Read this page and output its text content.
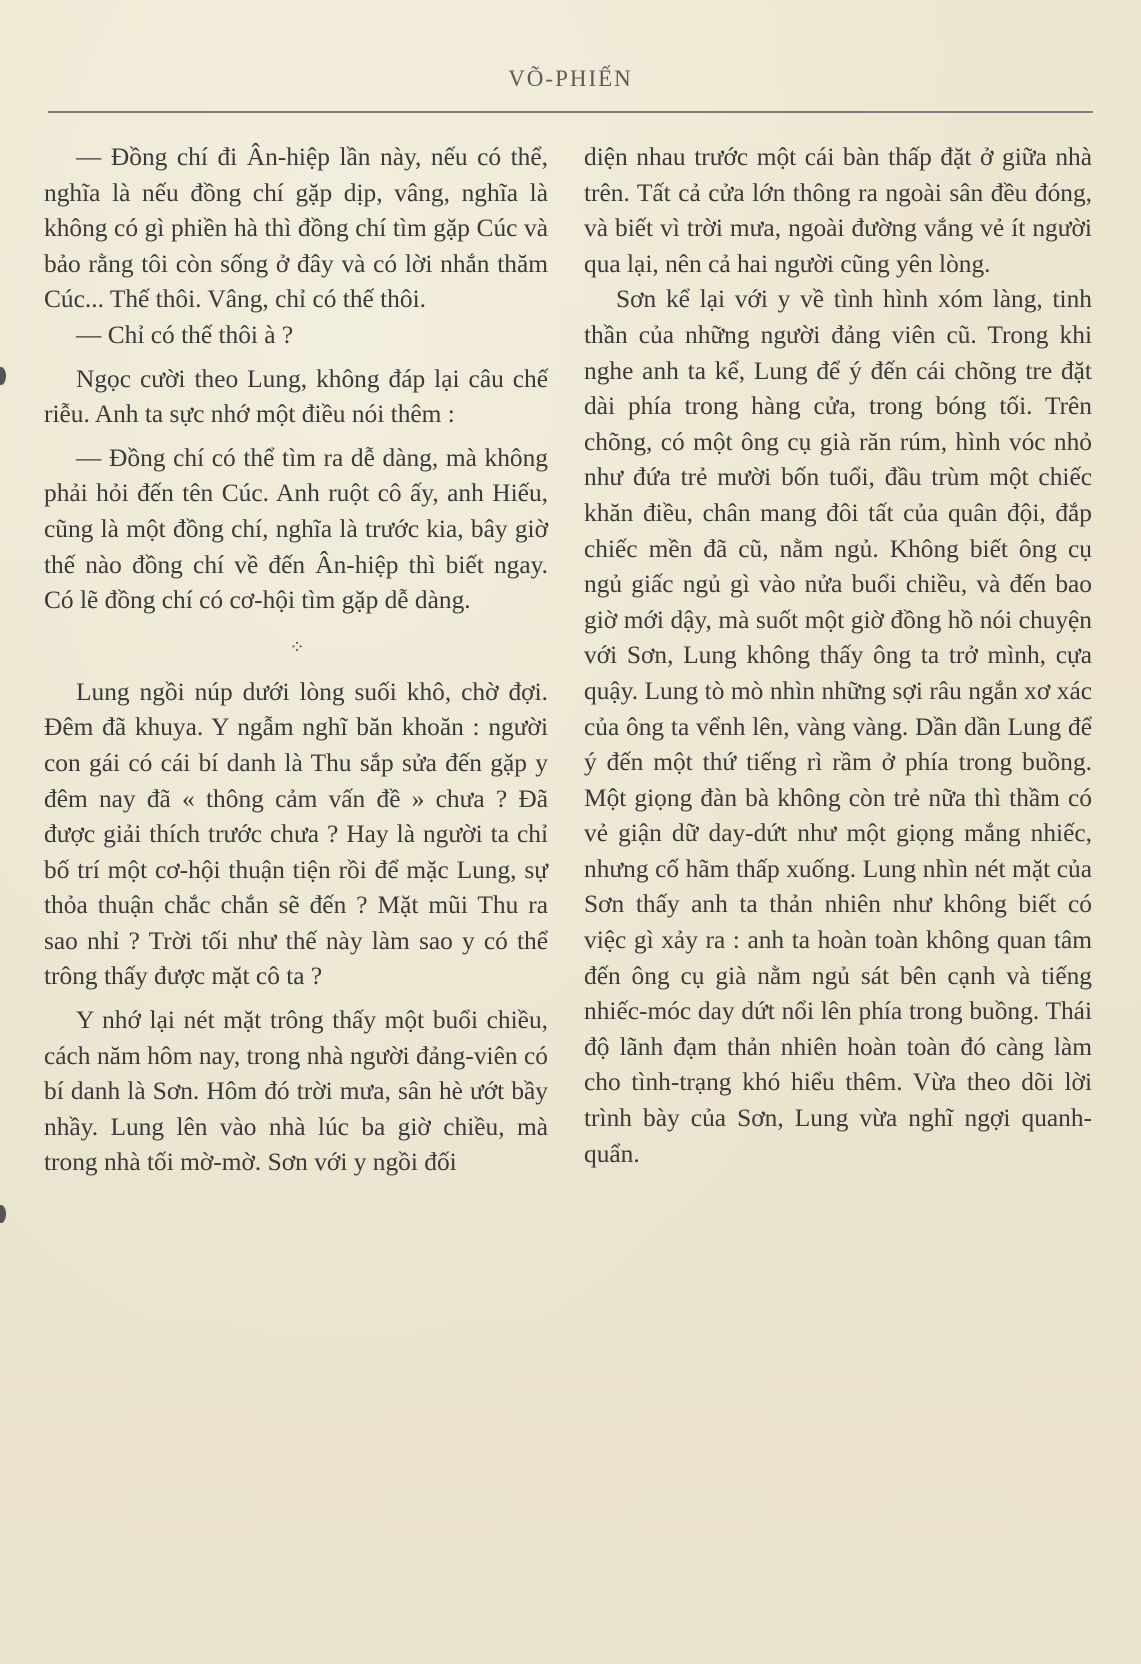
VÕ-PHIẾN

— Đồng chí đi Ân-hiệp lần này, nếu có thể, nghĩa là nếu đồng chí gặp dịp, vâng, nghĩa là không có gì phiền hà thì đồng chí tìm gặp Cúc và bảo rằng tôi còn sống ở đây và có lời nhắn thăm Cúc... Thế thôi. Vâng, chỉ có thế thôi.

— Chỉ có thế thôi à ?

Ngọc cười theo Lung, không đáp lại câu chế riễu. Anh ta sực nhớ một điều nói thêm :

— Đồng chí có thể tìm ra dễ dàng, mà không phải hỏi đến tên Cúc. Anh ruột cô ấy, anh Hiếu, cũng là một đồng chí, nghĩa là trước kia, bây giờ thế nào đồng chí về đến Ân-hiệp thì biết ngay. Có lẽ đồng chí có cơ-hội tìm gặp dễ dàng.

⁘

Lung ngồi núp dưới lòng suối khô, chờ đợi. Đêm đã khuya. Y ngẫm nghĩ băn khoăn : người con gái có cái bí danh là Thu sắp sửa đến gặp y đêm nay đã « thông cảm vấn đề » chưa ? Đã được giải thích trước chưa ? Hay là người ta chỉ bố trí một cơ-hội thuận tiện rồi để mặc Lung, sự thỏa thuận chắc chắn sẽ đến ? Mặt mũi Thu ra sao nhỉ ? Trời tối như thế này làm sao y có thể trông thấy được mặt cô ta ?

Y nhớ lại nét mặt trông thấy một buổi chiều, cách năm hôm nay, trong nhà người đảng-viên có bí danh là Sơn. Hôm đó trời mưa, sân hè ướt bầy nhầy. Lung lên vào nhà lúc ba giờ chiều, mà trong nhà tối mờ-mờ. Sơn với y ngồi đối

diện nhau trước một cái bàn thấp đặt ở giữa nhà trên. Tất cả cửa lớn thông ra ngoài sân đều đóng, và biết vì trời mưa, ngoài đường vắng vẻ ít người qua lại, nên cả hai người cũng yên lòng.

Sơn kể lại với y về tình hình xóm làng, tinh thần của những người đảng viên cũ. Trong khi nghe anh ta kể, Lung để ý đến cái chõng tre đặt dài phía trong hàng cửa, trong bóng tối. Trên chõng, có một ông cụ già răn rúm, hình vóc nhỏ như đứa trẻ mười bốn tuổi, đầu trùm một chiếc khăn điều, chân mang đôi tất của quân đội, đắp chiếc mền đã cũ, nằm ngủ. Không biết ông cụ ngủ giấc ngủ gì vào nửa buổi chiều, và đến bao giờ mới dậy, mà suốt một giờ đồng hồ nói chuyện với Sơn, Lung không thấy ông ta trở mình, cựa quậy. Lung tò mò nhìn những sợi râu ngắn xơ xác của ông ta vểnh lên, vàng vàng. Dần dần Lung để ý đến một thứ tiếng rì rầm ở phía trong buồng. Một giọng đàn bà không còn trẻ nữa thì thầm có vẻ giận dữ day-dứt như một giọng mắng nhiếc, nhưng cố hãm thấp xuống. Lung nhìn nét mặt của Sơn thấy anh ta thản nhiên như không biết có việc gì xảy ra : anh ta hoàn toàn không quan tâm đến ông cụ già nằm ngủ sát bên cạnh và tiếng nhiếc-móc day dứt nổi lên phía trong buồng. Thái độ lãnh đạm thản nhiên hoàn toàn đó càng làm cho tình-trạng khó hiểu thêm. Vừa theo dõi lời trình bày của Sơn, Lung vừa nghĩ ngợi quanh-quẩn.
